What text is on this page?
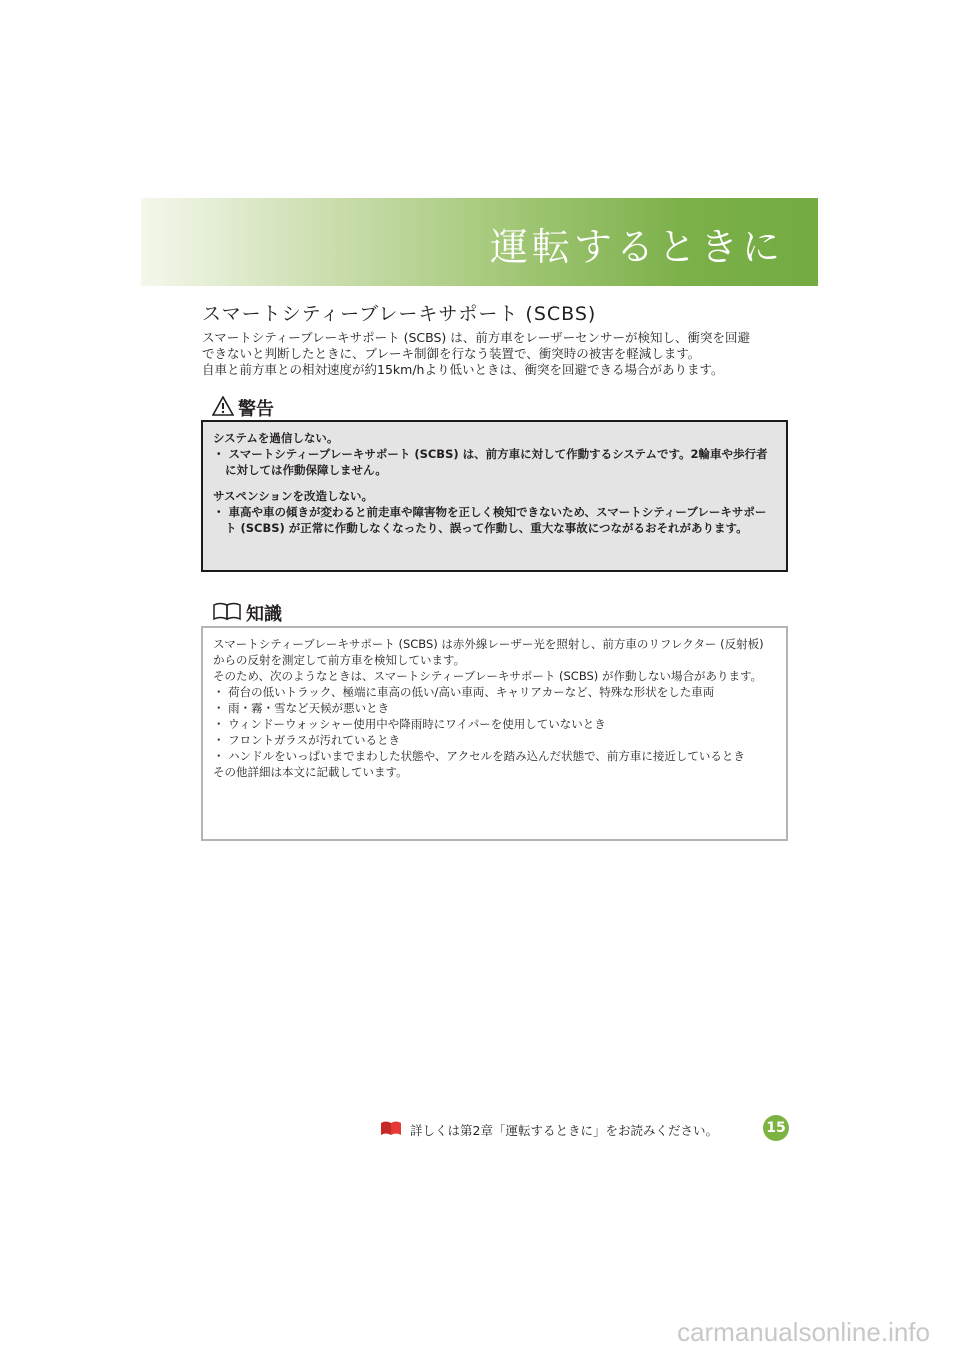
運転するときに
スマートシティーブレーキサポート (SCBS)

スマートシティーブレーキサポート (SCBS) は、前方車をレーザーセンサーが検知し、衝突を回避

できないと判断したときに、ブレーキ制御を行なう装置で、衝突時の被害を軽減します。

自車と前方車との相対速度が約15km/hより低いときは、衝突を回避できる場合があります。

警告

システムを過信しない。

・ スマートシティーブレーキサポート (SCBS) は、前方車に対して作動するシステムです。2輪車や歩行者に対しては作動保障しません。

サスペンションを改造しない。

・ 車高や車の傾きが変わると前走車や障害物を正しく検知できないため、スマートシティーブレーキサポート (SCBS) が正常に作動しなくなったり、誤って作動し、重大な事故につながるおそれがあります。

知識

スマートシティーブレーキサポート (SCBS) は赤外線レーザー光を照射し、前方車のリフレクター (反射板) からの反射を測定して前方車を検知しています。

そのため、次のようなときは、スマートシティーブレーキサポート (SCBS) が作動しない場合があります。

・ 荷台の低いトラック、極端に車高の低い/高い車両、キャリアカーなど、特殊な形状をした車両

・ 雨・霧・雪など天候が悪いとき

・ ウィンドーウォッシャー使用中や降雨時にワイパーを使用していないとき

・ フロントガラスが汚れているとき

・ ハンドルをいっぱいまでまわした状態や、アクセルを踏み込んだ状態で、前方車に接近しているとき

その他詳細は本文に記載しています。

詳しくは第2章「運転するときに」をお読みください。	15
carmanualsonline.info
